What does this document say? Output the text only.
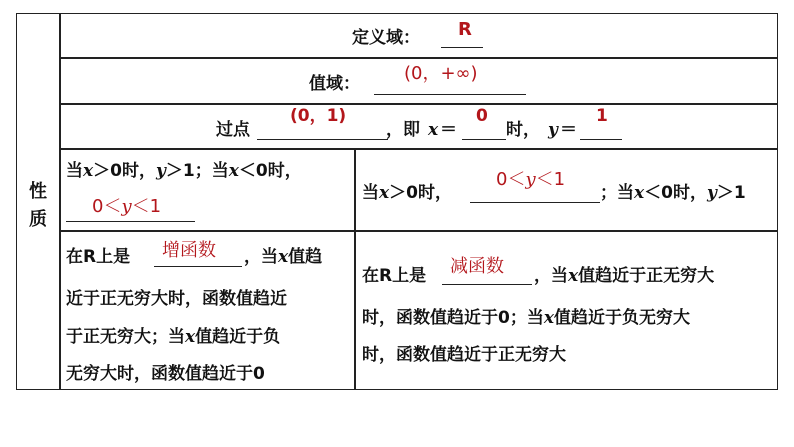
性
质
定义域： R
值域： (0，+∞)
过点
(0，1)
，即 x ＝
0
时， y ＝
1
当x＞0时，y＞1；当x＜0时，
0＜y＜1
当x＞0时，
0＜y＜1
；当x＜0时，y＞1
在R上是 增函数 ，当x值趋
近于正无穷大时，函数值趋近
于正无穷大；当x值趋近于负
无穷大时，函数值趋近于0
在R上是 减函数 ，当x值趋近于正无穷大
时，函数值趋近于0；当x值趋近于负无穷大
时，函数值趋近于正无穷大
